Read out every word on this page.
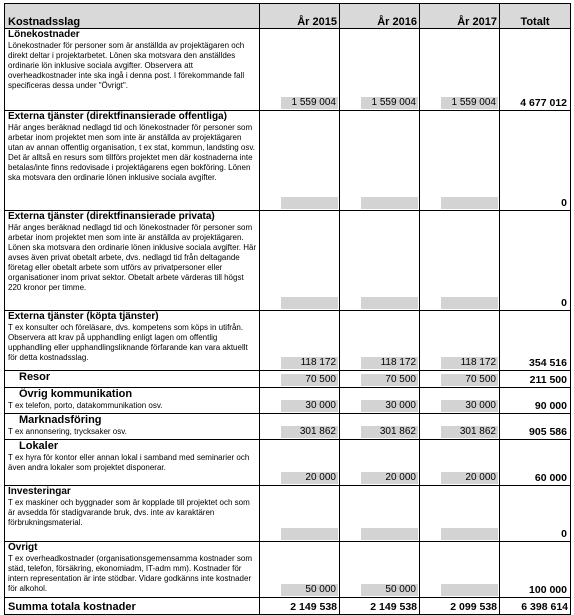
Kostnadsslag	År 2015	År 2016	År 2017	Totalt

Lönekostnader
Lönekostnader för personer som är anställda av projektägaren och direkt deltar i projektarbetet. Lönen ska motsvara den anställdes ordinarie lön inklusive sociala avgifter. Observera att overheadkostnader inte ska ingå i denna post. I förekommande fall specificeras dessa under "Övrigt".	1 559 004	1 559 004	1 559 004	4 677 012

Externa tjänster (direktfinansierade offentliga)
Här anges beräknad nedlagd tid och lönekostnader för personer som arbetar inom projektet men som inte är anställda av projektägaren utan av annan offentlig organisation, t ex stat, kommun, landsting osv. Det är alltså en resurs som tillförs projektet men där kostnaderna inte betalas/inte finns redovisade i projektägarens egen bokföring. Lönen ska motsvara den ordinarie lönen inklusive sociala avgifter.				0

Externa tjänster (direktfinansierade privata)
Här anges beräknad nedlagd tid och lönekostnader för personer som arbetar inom projektet men som inte är anställda av projektägaren. Lönen ska motsvara den ordinarie lönen inklusive sociala avgifter. Här avses även privat obetalt arbete, dvs. nedlagd tid från deltagande företag eller obetalt arbete som utförs av privatpersoner eller organisationer inom privat sektor. Obetalt arbete värderas till högst 220 kronor per timme.				0

Externa tjänster (köpta tjänster)
T ex konsulter och föreläsare, dvs. kompetens som köps in utifrån. Observera att krav på upphandling enligt lagen om offentlig upphandling eller upphandlingsliknande förfarande kan vara aktuellt för detta kostnadsslag.	118 172	118 172	118 172	354 516

Resor	70 500	70 500	70 500	211 500

Övrig kommunikation
T ex telefon, porto, datakommunikation osv.	30 000	30 000	30 000	90 000

Marknadsföring
T ex annonsering, trycksaker osv.	301 862	301 862	301 862	905 586

Lokaler
T ex hyra för kontor eller annan lokal i samband med seminarier och även andra lokaler som projektet disponerar.	20 000	20 000	20 000	60 000

Investeringar
T ex maskiner och byggnader som är kopplade till projektet och som är avsedda för stadigvarande bruk, dvs. inte av karaktären förbrukningsmaterial.				0

Övrigt
T ex overheadkostnader (organisationsgemensamma kostnader som städ, telefon, försäkring, ekonomiadm, IT-adm mm). Kostnader för intern representation är inte stödbar. Vidare godkänns inte kostnader för alkohol.	50 000	50 000		100 000

Summa totala kostnader	2 149 538	2 149 538	2 099 538	6 398 614
